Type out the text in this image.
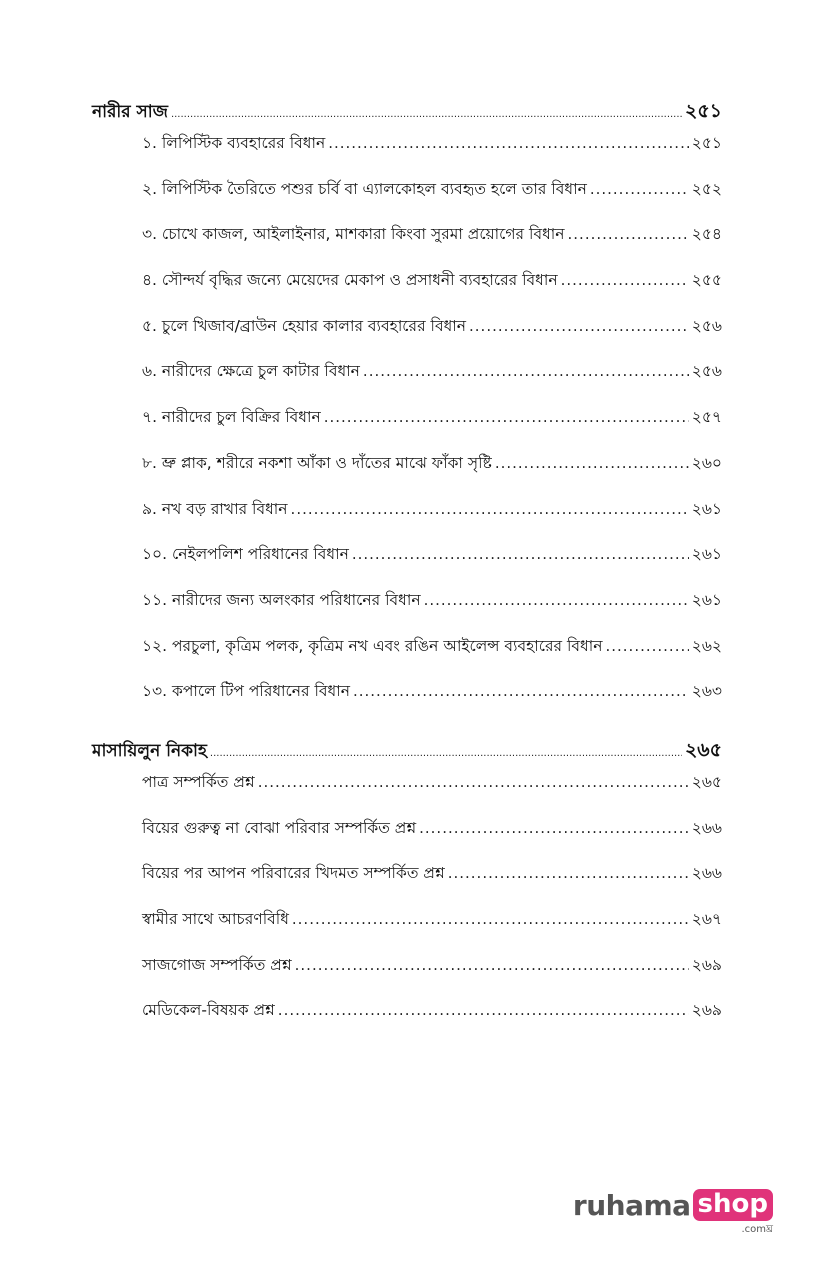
নারীর সাজ .....	২৫১
১. লিপিস্টিক ব্যবহারের বিধান .....	২৫১
২. লিপিস্টিক তৈরিতে পশুর চর্বি বা এ্যালকোহল ব্যবহৃত হলে তার বিধান .....	২৫২
৩. চোখে কাজল, আইলাইনার, মাশকারা কিংবা সুরমা প্রয়োগের বিধান .....	২৫৪
৪. সৌন্দর্য বৃদ্ধির জন্যে মেয়েদের মেকাপ ও প্রসাধনী ব্যবহারের বিধান .....	২৫৫
৫. চুলে খিজাব/ব্রাউন হেয়ার কালার ব্যবহারের বিধান .....	২৫৬
৬. নারীদের ক্ষেত্রে চুল কাটার বিধান .....	২৫৬
৭. নারীদের চুল বিক্রির বিধান .....	২৫৭
৮. ভ্রু প্লাক, শরীরে নকশা আঁকা ও দাঁতের মাঝে ফাঁকা সৃষ্টি .....	২৬০
৯. নখ বড় রাখার বিধান .....	২৬১
১০. নেইলপলিশ পরিধানের বিধান .....	২৬১
১১. নারীদের জন্য অলংকার পরিধানের বিধান .....	২৬১
১২. পরচুলা, কৃত্রিম পলক, কৃত্রিম নখ এবং রঙিন আইলেন্স ব্যবহারের বিধান .....	২৬২
১৩. কপালে টিপ পরিধানের বিধান .....	২৬৩
মাসায়িলুন নিকাহ .....	২৬৫
পাত্র সম্পর্কিত প্রশ্ন .....	২৬৫
বিয়ের গুরুত্ব না বোঝা পরিবার সম্পর্কিত প্রশ্ন .....	২৬৬
বিয়ের পর আপন পরিবারের খিদমত সম্পর্কিত প্রশ্ন .....	২৬৬
স্বামীর সাথে আচরণবিধি .....	২৬৭
সাজগোজ সম্পর্কিত প্রশ্ন .....	২৬৯
মেডিকেল-বিষয়ক প্রশ্ন .....	২৬৯
ruhama shop
.comঘ্র
